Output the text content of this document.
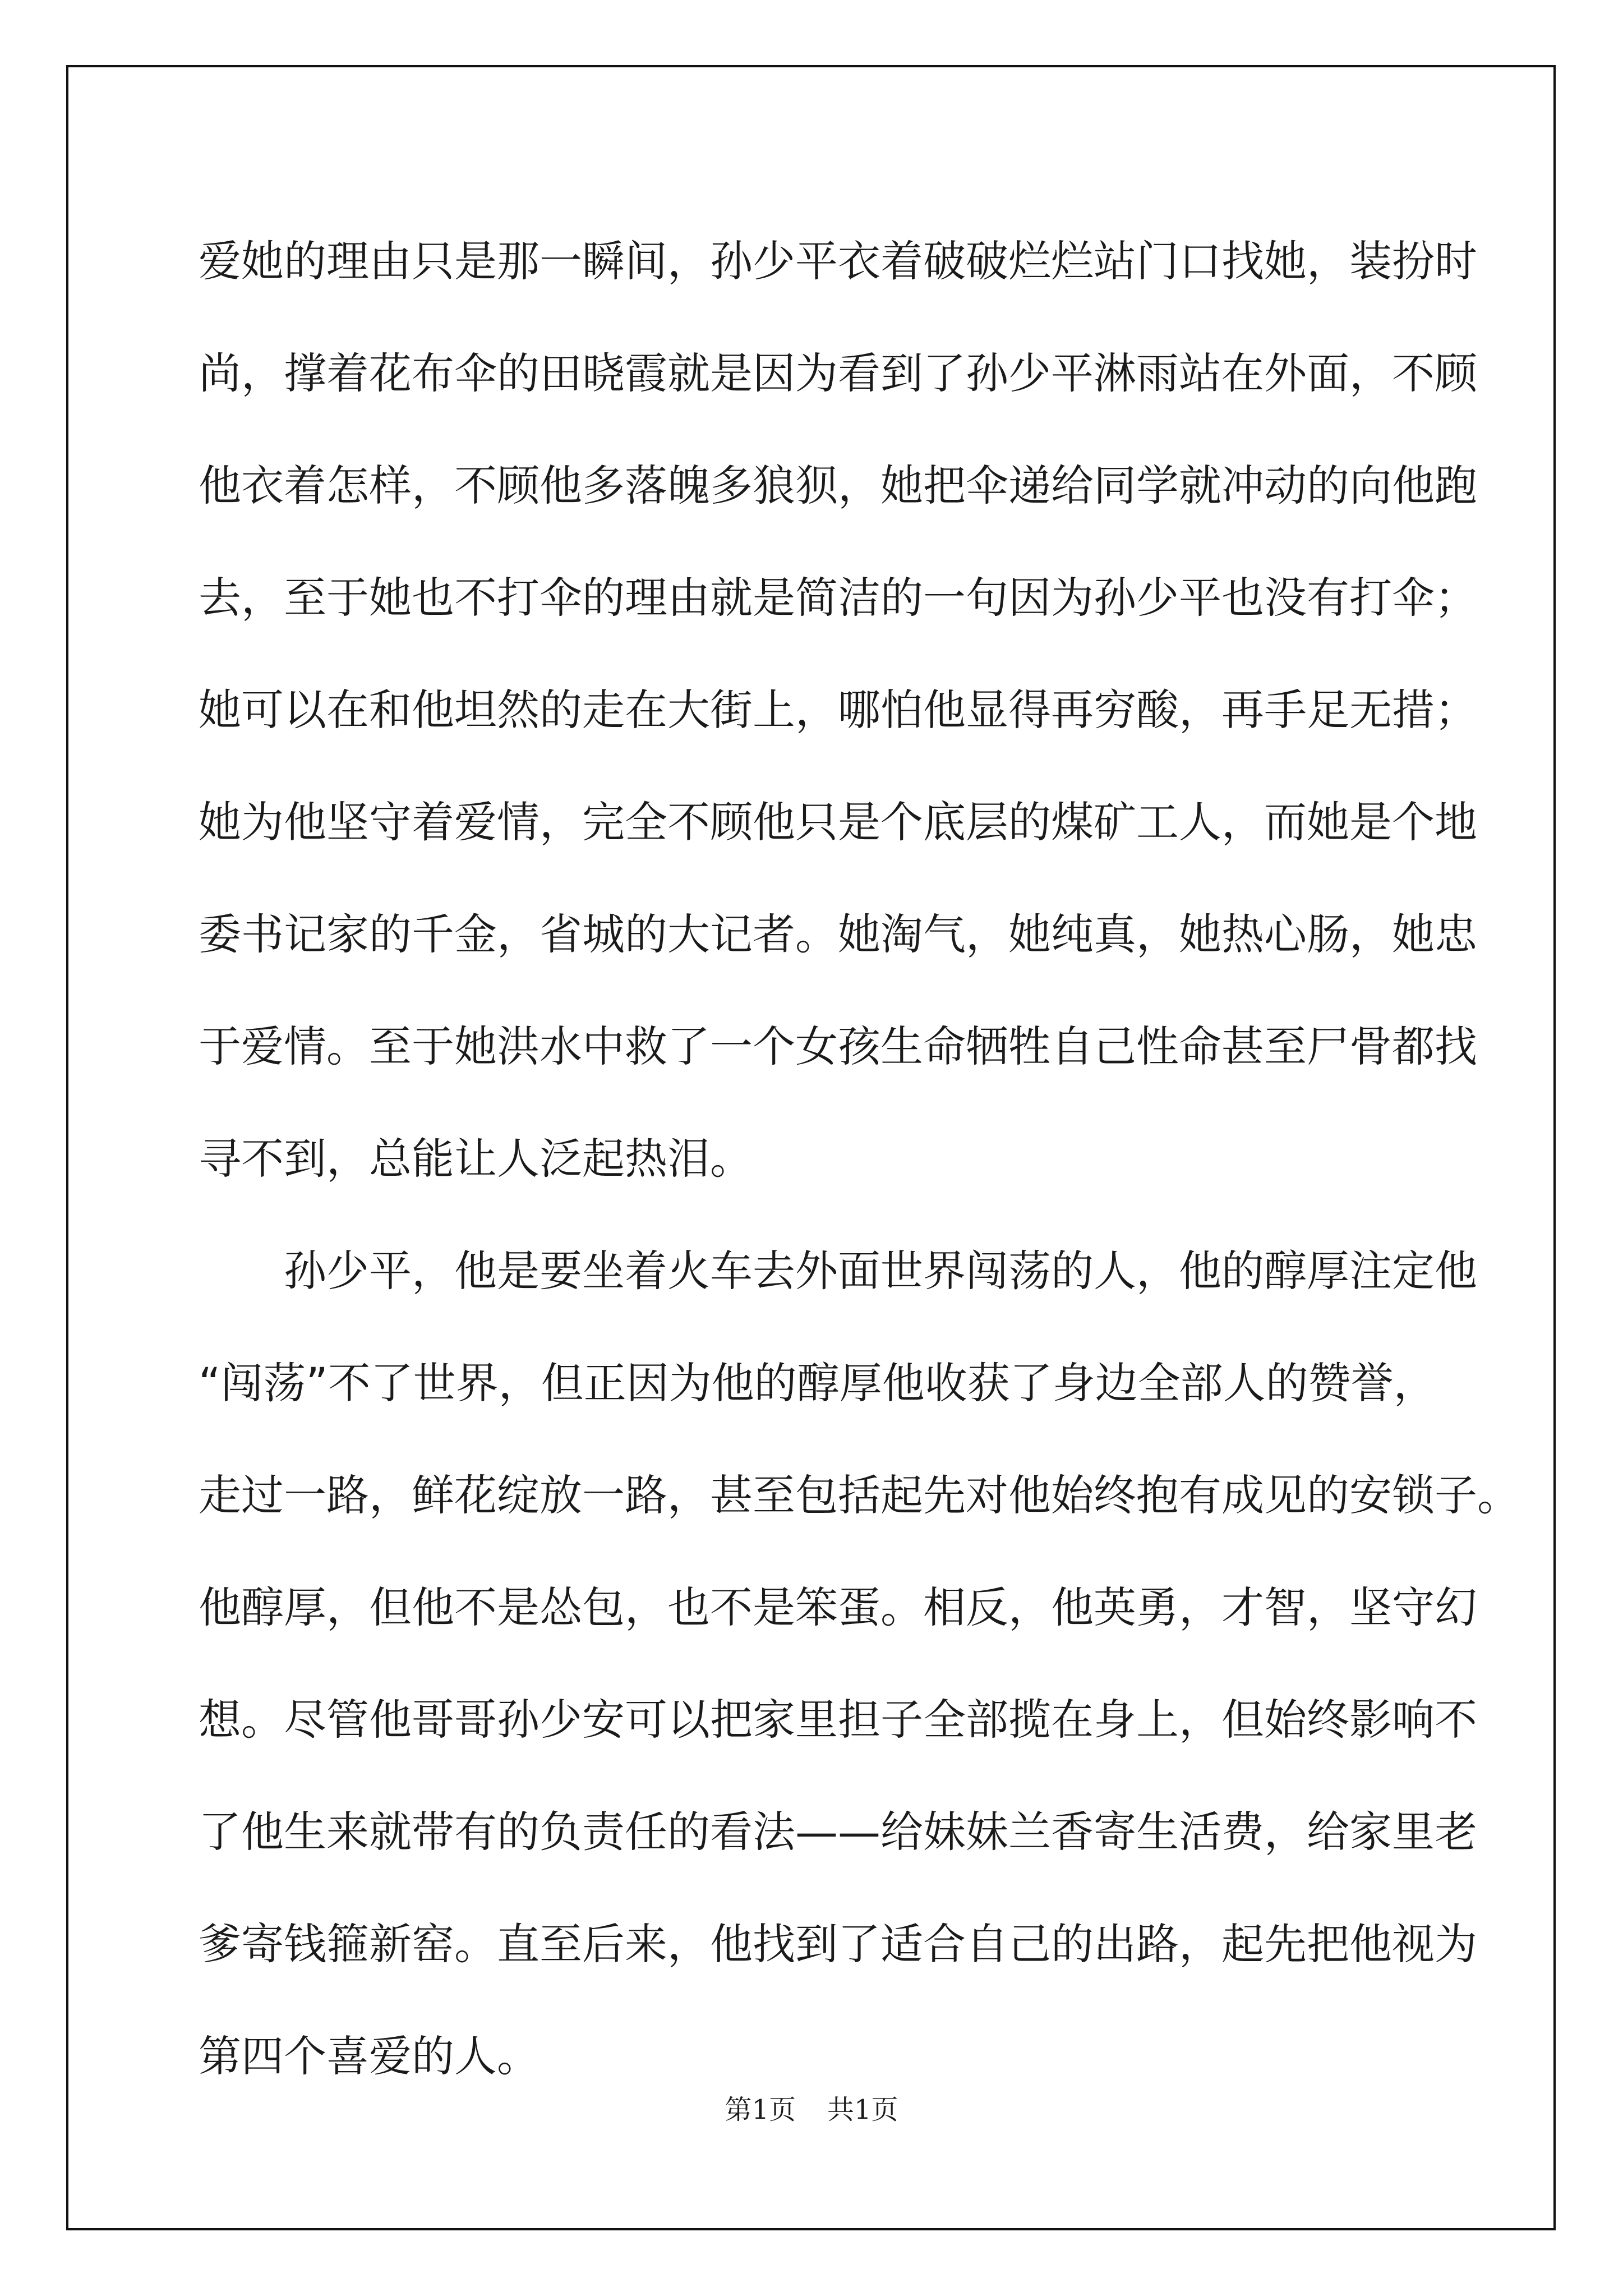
爱她的理由只是那一瞬间，孙少平衣着破破烂烂站门口找她，装扮时
尚，撑着花布伞的田晓霞就是因为看到了孙少平淋雨站在外面，不顾
他衣着怎样，不顾他多落魄多狼狈，她把伞递给同学就冲动的向他跑
去，至于她也不打伞的理由就是简洁的一句因为孙少平也没有打伞；
她可以在和他坦然的走在大街上，哪怕他显得再穷酸，再手足无措；
她为他坚守着爱情，完全不顾他只是个底层的煤矿工人，而她是个地
委书记家的千金，省城的大记者。她淘气，她纯真，她热心肠，她忠
于爱情。至于她洪水中救了一个女孩生命牺牲自己性命甚至尸骨都找
寻不到，总能让人泛起热泪。
孙少平，他是要坐着火车去外面世界闯荡的人，他的醇厚注定他
“闯荡”不了世界，但正因为他的醇厚他收获了身边全部人的赞誉，
走过一路，鲜花绽放一路，甚至包括起先对他始终抱有成见的安锁子。
他醇厚，但他不是怂包，也不是笨蛋。相反，他英勇，才智，坚守幻
想。尽管他哥哥孙少安可以把家里担子全部揽在身上，但始终影响不
了他生来就带有的负责任的看法——给妹妹兰香寄生活费，给家里老
爹寄钱箍新窑。直至后来，他找到了适合自己的出路，起先把他视为
第四个喜爱的人。
第1页 共1页
